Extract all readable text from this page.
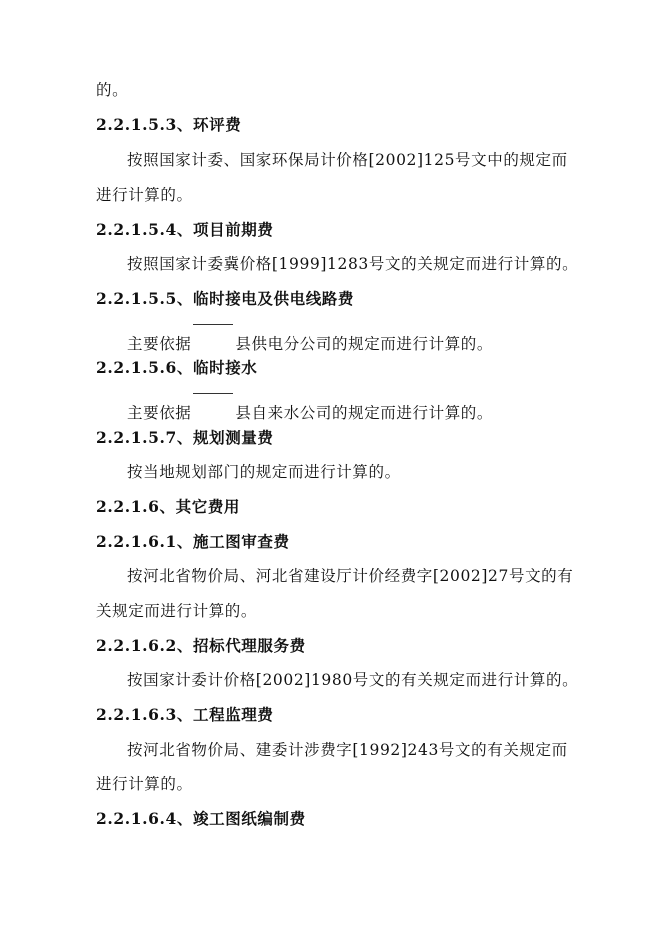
的。
2.2.1.5.3、环评费
按照国家计委、国家环保局计价格[2002]125号文中的规定而
进行计算的。
2.2.1.5.4、项目前期费
按照国家计委冀价格[1999]1283号文的关规定而进行计算的。
2.2.1.5.5、临时接电及供电线路费
主要依据	县供电分公司的规定而进行计算的。
2.2.1.5.6、临时接水
主要依据	县自来水公司的规定而进行计算的。
2.2.1.5.7、规划测量费
按当地规划部门的规定而进行计算的。
2.2.1.6、其它费用
2.2.1.6.1、施工图审查费
按河北省物价局、河北省建设厅计价经费字[2002]27号文的有
关规定而进行计算的。
2.2.1.6.2、招标代理服务费
按国家计委计价格[2002]1980号文的有关规定而进行计算的。
2.2.1.6.3、工程监理费
按河北省物价局、建委计涉费字[1992]243号文的有关规定而
进行计算的。
2.2.1.6.4、竣工图纸编制费
